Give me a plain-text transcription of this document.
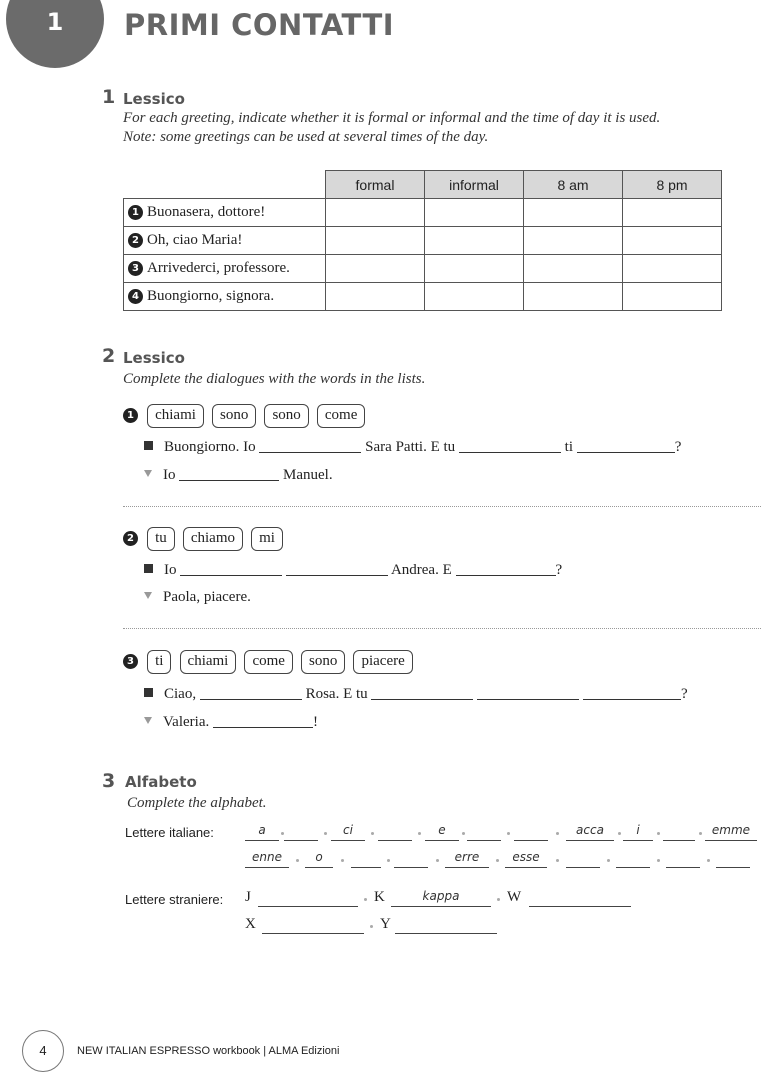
1	PRIMI CONTATTI
1 Lessico
For each greeting, indicate whether it is formal or informal and the time of day it is used.
Note: some greetings can be used at several times of the day.
	formal	informal	8 am	8 pm
1 Buonasera, dottore!				
2 Oh, ciao Maria!				
3 Arrivederci, professore.				
4 Buongiorno, signora.				
2 Lessico
Complete the dialogues with the words in the lists.
1 chiami sono sono come
Buongiorno. Io	Sara Patti. E tu	ti	?
Io	Manuel.
2 tu chiamo mi
Io	Andrea. E	?
Paola, piacere.
3 ti chiami come sono piacere
Ciao,	Rosa. E tu	?
Valeria.	!
3 Alfabeto
Complete the alphabet.
Lettere italiane:	a	ci	e	acca	i	emme
enne	o	erre	esse
Lettere straniere: J	K	kappa	W
X	Y
4	NEW ITALIAN ESPRESSO workbook | ALMA Edizioni
